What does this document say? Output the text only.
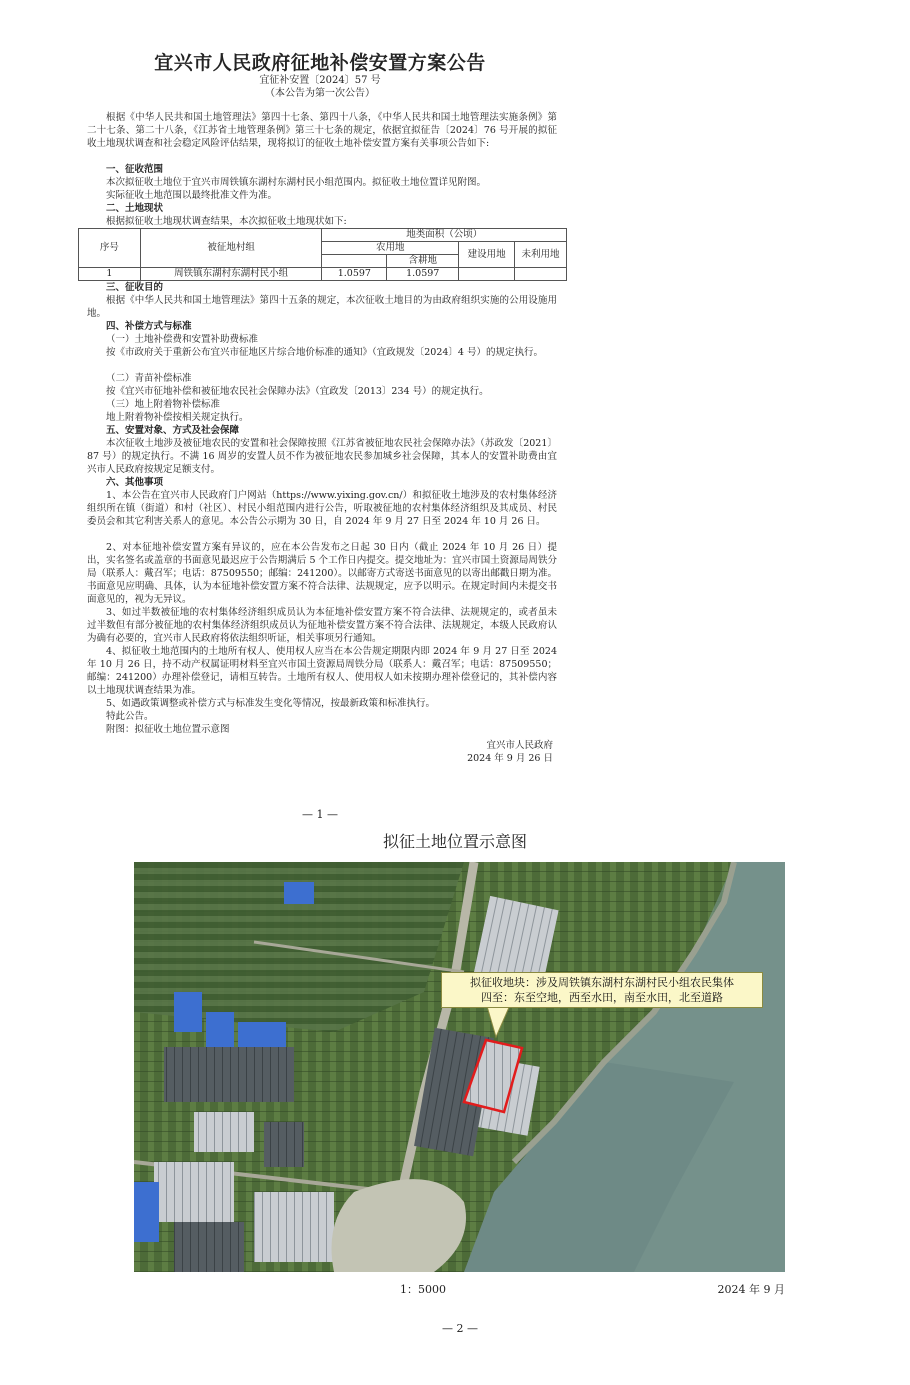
宜兴市人民政府征地补偿安置方案公告
宜征补安置〔2024〕57 号
（本公告为第一次公告）
根据《中华人民共和国土地管理法》第四十七条、第四十八条，《中华人民共和国土地管理法实施条例》第二十七条、第二十八条，《江苏省土地管理条例》第三十七条的规定，依据宜拟征告〔2024〕76 号开展的拟征收土地现状调查和社会稳定风险评估结果，现将拟订的征收土地补偿安置方案有关事项公告如下:
一、征收范围
本次拟征收土地位于宜兴市周铁镇东湖村东湖村民小组范围内。拟征收土地位置详见附图。
实际征收土地范围以最终批准文件为准。
二、土地现状
根据拟征收土地现状调查结果，本次拟征收土地现状如下:
序号	被征地村组	地类面积（公顷）			
		农用地		建设用地	未利用地
			含耕地		
1	周铁镇东湖村东湖村民小组	1.0597	1.0597		
三、征收目的
根据《中华人民共和国土地管理法》第四十五条的规定，本次征收土地目的为由政府组织实施的公用设施用地。
四、补偿方式与标准
（一）土地补偿费和安置补助费标准
按《市政府关于重新公布宜兴市征地区片综合地价标准的通知》（宜政规发〔2024〕4 号）的规定执行。
（二）青苗补偿标准
按《宜兴市征地补偿和被征地农民社会保障办法》（宜政发〔2013〕234 号）的规定执行。
（三）地上附着物补偿标准
地上附着物补偿按相关规定执行。
五、安置对象、方式及社会保障
本次征收土地涉及被征地农民的安置和社会保障按照《江苏省被征地农民社会保障办法》（苏政发〔2021〕87 号）的规定执行。不满 16 周岁的安置人员不作为被征地农民参加城乡社会保障，其本人的安置补助费由宜兴市人民政府按规定足额支付。
六、其他事项
1、本公告在宜兴市人民政府门户网站（https://www.yixing.gov.cn/）和拟征收土地涉及的农村集体经济组织所在镇（街道）和村（社区）、村民小组范围内进行公告，听取被征地的农村集体经济组织及其成员、村民委员会和其它利害关系人的意见。本公告公示期为 30 日，自 2024 年 9 月 27 日至 2024 年 10 月 26 日。
2、对本征地补偿安置方案有异议的，应在本公告发布之日起 30 日内（截止 2024 年 10 月 26 日）提出，实名签名或盖章的书面意见最迟应于公告期满后 5 个工作日内提交。提交地址为：宜兴市国土资源局周铁分局（联系人：戴召军；电话：87509550；邮编：241200）。以邮寄方式寄送书面意见的以寄出邮戳日期为准。书面意见应明确、具体，认为本征地补偿安置方案不符合法律、法规规定，应予以明示。在规定时间内未提交书面意见的，视为无异议。
3、如过半数被征地的农村集体经济组织成员认为本征地补偿安置方案不符合法律、法规规定的，或者虽未过半数但有部分被征地的农村集体经济组织成员认为征地补偿安置方案不符合法律、法规规定，本级人民政府认为确有必要的，宜兴市人民政府将依法组织听证，相关事项另行通知。
4、拟征收土地范围内的土地所有权人、使用权人应当在本公告规定期限内即 2024 年 9 月 27 日至 2024 年 10 月 26 日，持不动产权属证明材料至宜兴市国土资源局周铁分局（联系人：戴召军；电话：87509550；邮编：241200）办理补偿登记，请相互转告。土地所有权人、使用权人如未按期办理补偿登记的，其补偿内容以土地现状调查结果为准。
5、如遇政策调整或补偿方式与标准发生变化等情况，按最新政策和标准执行。
特此公告。
附图：拟征收土地位置示意图
宜兴市人民政府
2024 年 9 月 26 日
— 1 —
拟征土地位置示意图
拟征收地块：涉及周铁镇东湖村东湖村民小组农民集体
四至：东至空地，西至水田，南至水田，北至道路
1：5000	2024 年 9 月
— 2 —
